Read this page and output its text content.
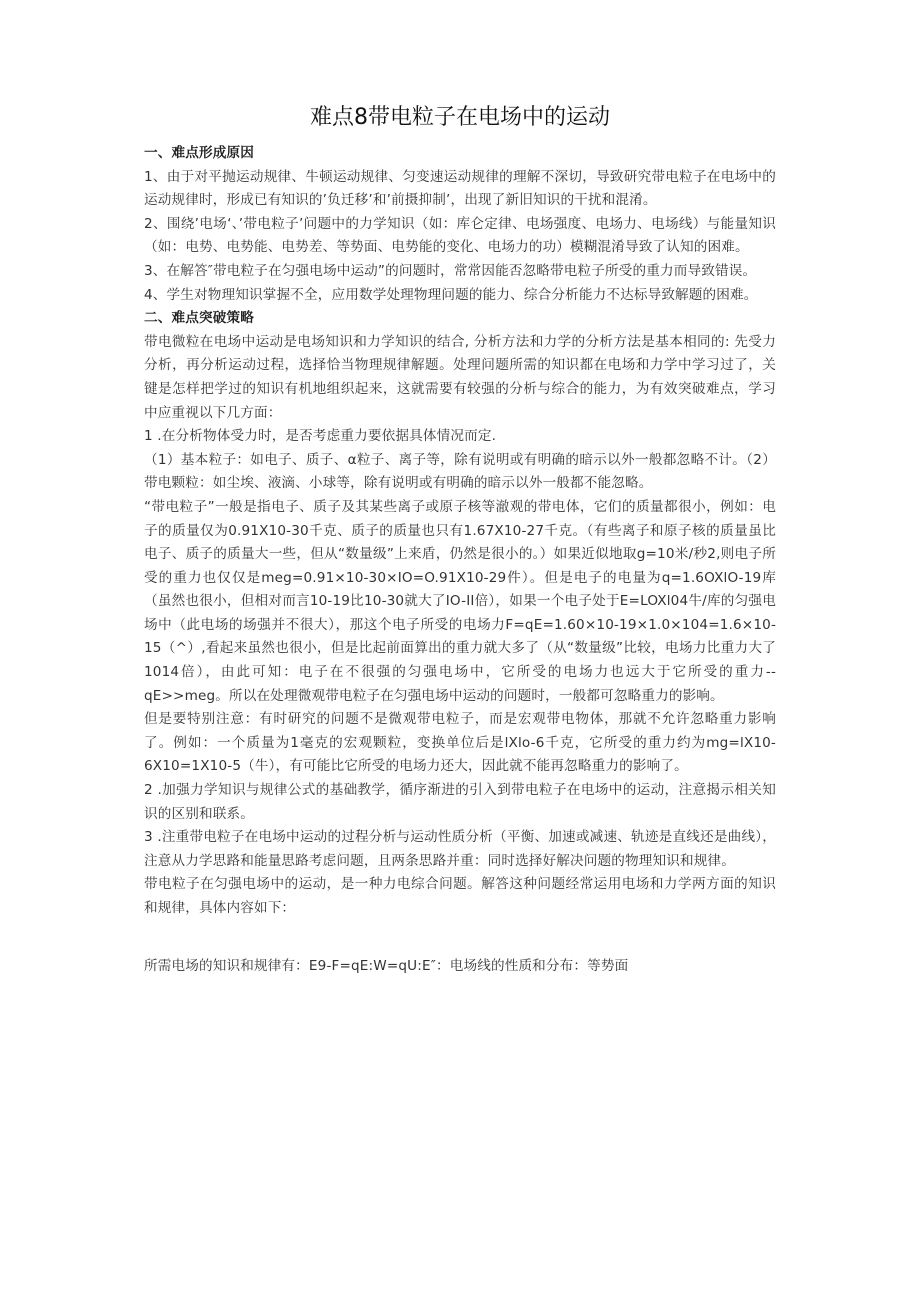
难点8带电粒子在电场中的运动
一、难点形成原因

1、由于对平抛运动规律、牛顿运动规律、匀变速运动规律的理解不深切，导致研究带电粒子在电场中的运动规律时，形成已有知识的’负迁移’和’前摄抑制’，出现了新旧知识的干扰和混淆。

2、围绕’电场‘、’带电粒子’问题中的力学知识（如：库仑定律、电场强度、电场力、电场线）与能量知识（如：电势、电势能、电势差、等势面、电势能的变化、电场力的功）模糊混淆导致了认知的困难。

3、在解答″带电粒子在匀强电场中运动”的问题时，常常因能否忽略带电粒子所受的重力而导致错误。

4、学生对物理知识掌握不全，应用数学处理物理问题的能力、综合分析能力不达标导致解题的困难。

二、难点突破策略

带电微粒在电场中运动是电场知识和力学知识的结合, 分析方法和力学的分析方法是基本相同的: 先受力分析，再分析运动过程，选择恰当物理规律解题。处理问题所需的知识都在电场和力学中学习过了，关键是怎样把学过的知识有机地组织起来，这就需要有较强的分析与综合的能力，为有效突破难点，学习中应重视以下几方面：

1 .在分析物体受力时，是否考虑重力要依据具体情况而定.

（1）基本粒子：如电子、质子、α粒子、离子等，除有说明或有明确的暗示以外一般都忽略不计。（2）带电颗粒：如尘埃、液滴、小球等，除有说明或有明确的暗示以外一般都不能忽略。

“带电粒子”一般是指电子、质子及其某些离子或原子核等澈观的带电体，它们的质量都很小，例如：电子的质量仅为0.91X10-30千克、质子的质量也只有1.67X10-27千克。（有些离子和原子核的质量虽比电子、质子的质量大一些，但从“数量级”上来盾，仍然是很小的。）如果近似地取g=10米/秒2,则电子所受的重力也仅仅是meg=0.91×10-30×IO=O.91X10-29件）。但是电子的电量为q=1.6OXlO-19库（虽然也很小，但相对而言10-19比10-30就大了IO-II倍），如果一个电子处于E=LOXl04牛/库的匀强电场中（此电场的场强并不很大），那这个电子所受的电场力F=qE=1.60×10-19×1.0×104=1.6×10-15（^）,看起来虽然也很小，但是比起前面算出的重力就大多了（从“数量级”比较，电场力比重力大了1014倍），由此可知：电子在不很强的匀强电场中，它所受的电场力也远大于它所受的重力--qE>>meg。所以在处理微观带电粒子在匀强电场中运动的问题时，一般都可忽略重力的影响。

但是要特别注意：有时研究的问题不是微观带电粒子，而是宏观带电物体，那就不允许忽略重力影响了。例如：一个质量为1毫克的宏观颗粒，变换单位后是lXlo-6千克，它所受的重力约为mg=lX10-6X10=1X10-5（牛），有可能比它所受的电场力还大，因此就不能再忽略重力的影响了。

2 .加强力学知识与规律公式的基础教学，循序渐进的引入到带电粒子在电场中的运动，注意揭示相关知识的区别和联系。

3 .注重带电粒子在电场中运动的过程分析与运动性质分析（平衡、加速或减速、轨迹是直线还是曲线），注意从力学思路和能量思路考虑问题，且两条思路并重：同时选择好解决问题的物理知识和规律。

带电粒子在匀强电场中的运动，是一种力电综合问题。解答这种问题经常运用电场和力学两方面的知识和规律，具体内容如下：

所需电场的知识和规律有：E9-F=qE:W=qU:E″：电场线的性质和分布：等势面
